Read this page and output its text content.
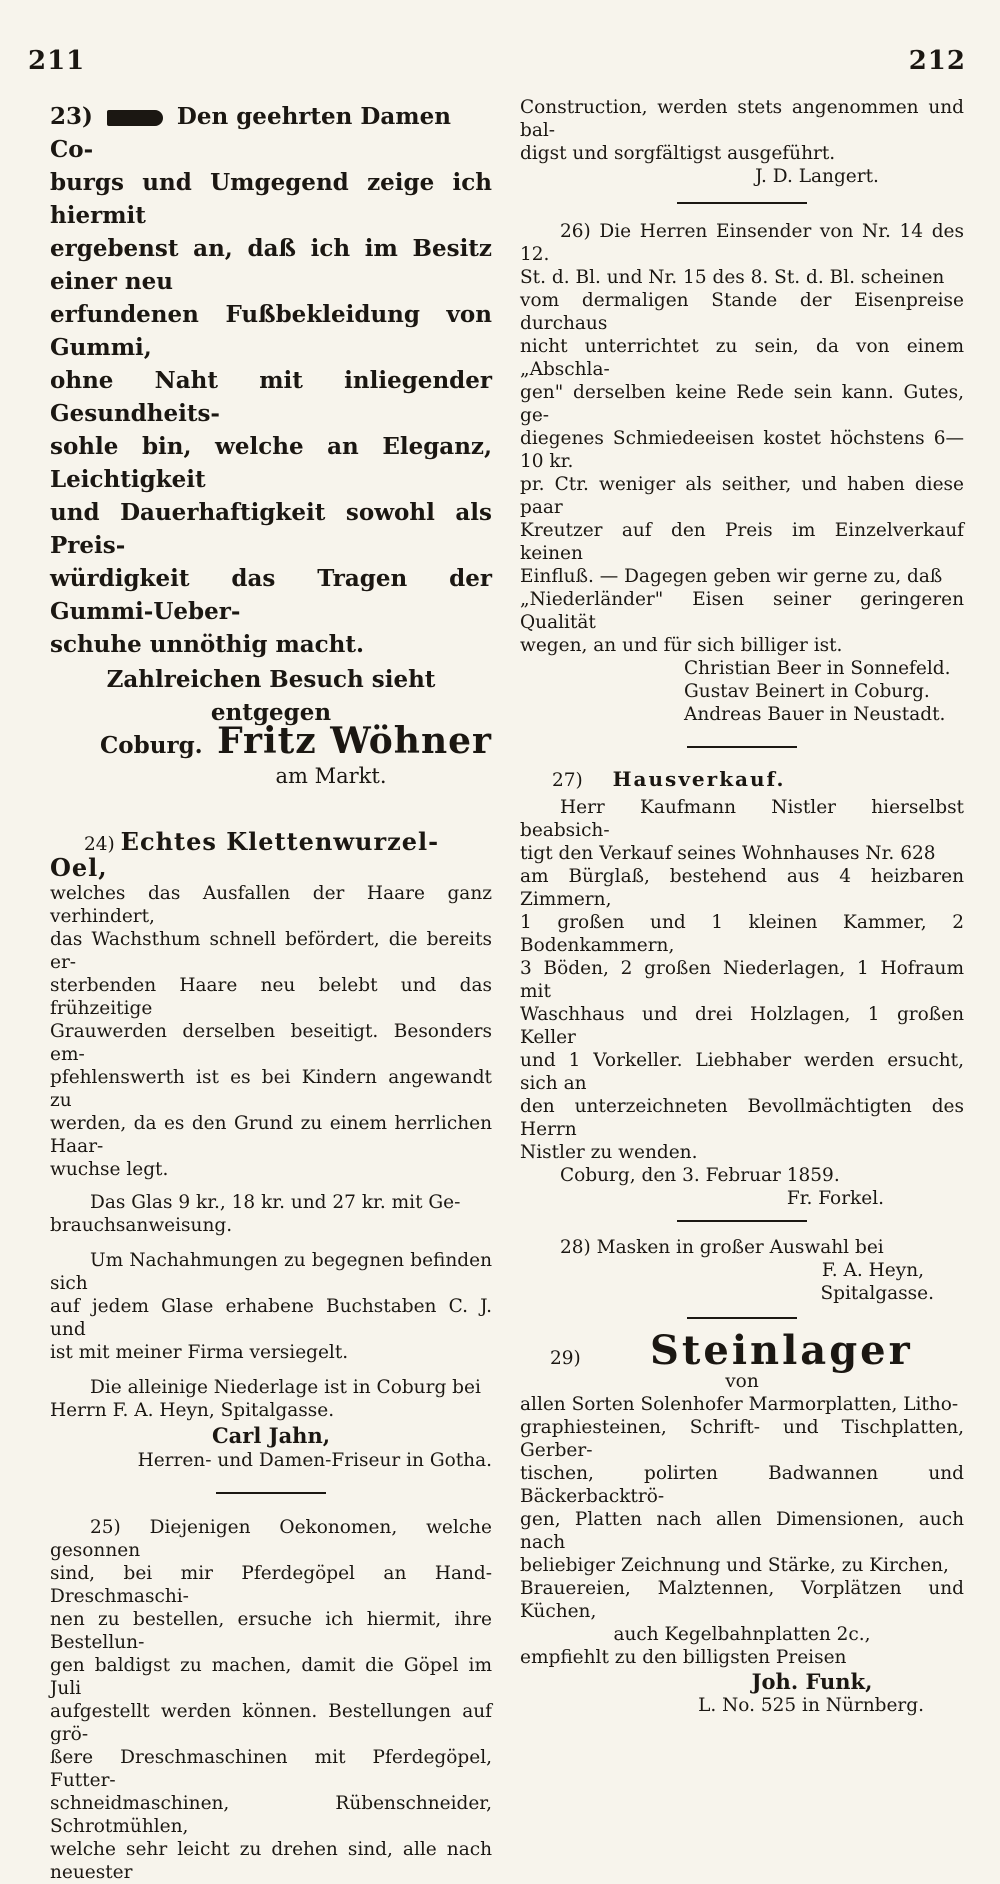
211	212

23)	Den geehrten Damen Co-

burgs und Umgegend zeige ich hiermit

ergebenst an, daß ich im Besitz einer neu

erfundenen Fußbekleidung von Gummi,

ohne Naht mit inliegender Gesundheits-

sohle bin, welche an Eleganz, Leichtigkeit

und Dauerhaftigkeit sowohl als Preis-

würdigkeit das Tragen der Gummi-Ueber-

schuhe unnöthig macht.

Zahlreichen Besuch sieht entgegen

Coburg. Fritz Wöhner

am Markt.

24) Echtes Klettenwurzel-Oel,

welches das Ausfallen der Haare ganz verhindert,

das Wachsthum schnell befördert, die bereits er-

sterbenden Haare neu belebt und das frühzeitige

Grauwerden derselben beseitigt. Besonders em-

pfehlenswerth ist es bei Kindern angewandt zu

werden, da es den Grund zu einem herrlichen Haar-

wuchse legt.

Das Glas 9 kr., 18 kr. und 27 kr. mit Ge-

brauchsanweisung.

Um Nachahmungen zu begegnen befinden sich

auf jedem Glase erhabene Buchstaben C. J. und

ist mit meiner Firma versiegelt.

Die alleinige Niederlage ist in Coburg bei

Herrn F. A. Heyn, Spitalgasse.

Carl Jahn,

Herren- und Damen-Friseur in Gotha.

25) Diejenigen Oekonomen, welche gesonnen

sind, bei mir Pferdegöpel an Hand-Dreschmaschi-

nen zu bestellen, ersuche ich hiermit, ihre Bestellun-

gen baldigst zu machen, damit die Göpel im Juli

aufgestellt werden können. Bestellungen auf grö-

ßere Dreschmaschinen mit Pferdegöpel, Futter-

schneidmaschinen, Rübenschneider, Schrotmühlen,

welche sehr leicht zu drehen sind, alle nach neuester

Construction, werden stets angenommen und bal-

digst und sorgfältigst ausgeführt.

J. D. Langert.

26) Die Herren Einsender von Nr. 14 des 12.

St. d. Bl. und Nr. 15 des 8. St. d. Bl. scheinen

vom dermaligen Stande der Eisenpreise durchaus

nicht unterrichtet zu sein, da von einem „Abschla-

gen" derselben keine Rede sein kann. Gutes, ge-

diegenes Schmiedeeisen kostet höchstens 6—10 kr.

pr. Ctr. weniger als seither, und haben diese paar

Kreutzer auf den Preis im Einzelverkauf keinen

Einfluß. — Dagegen geben wir gerne zu, daß

„Niederländer" Eisen seiner geringeren Qualität

wegen, an und für sich billiger ist.

Christian Beer in Sonnefeld.

Gustav Beinert in Coburg.

Andreas Bauer in Neustadt.

27) Hausverkauf.

Herr Kaufmann Nistler hierselbst beabsich-

tigt den Verkauf seines Wohnhauses Nr. 628

am Bürglaß, bestehend aus 4 heizbaren Zimmern,

1 großen und 1 kleinen Kammer, 2 Bodenkammern,

3 Böden, 2 großen Niederlagen, 1 Hofraum mit

Waschhaus und drei Holzlagen, 1 großen Keller

und 1 Vorkeller. Liebhaber werden ersucht, sich an

den unterzeichneten Bevollmächtigten des Herrn

Nistler zu wenden.

Coburg, den 3. Februar 1859.

Fr. Forkel.

28) Masken in großer Auswahl bei

F. A. Heyn,

Spitalgasse.

29)	Steinlager

von

allen Sorten Solenhofer Marmorplatten, Litho-

graphiesteinen, Schrift- und Tischplatten, Gerber-

tischen, polirten Badwannen und Bäckerbacktrö-

gen, Platten nach allen Dimensionen, auch nach

beliebiger Zeichnung und Stärke, zu Kirchen,

Brauereien, Malztennen, Vorplätzen und Küchen,

auch Kegelbahnplatten 2c.,

empfiehlt zu den billigsten Preisen

Joh. Funk,

L. No. 525 in Nürnberg.
